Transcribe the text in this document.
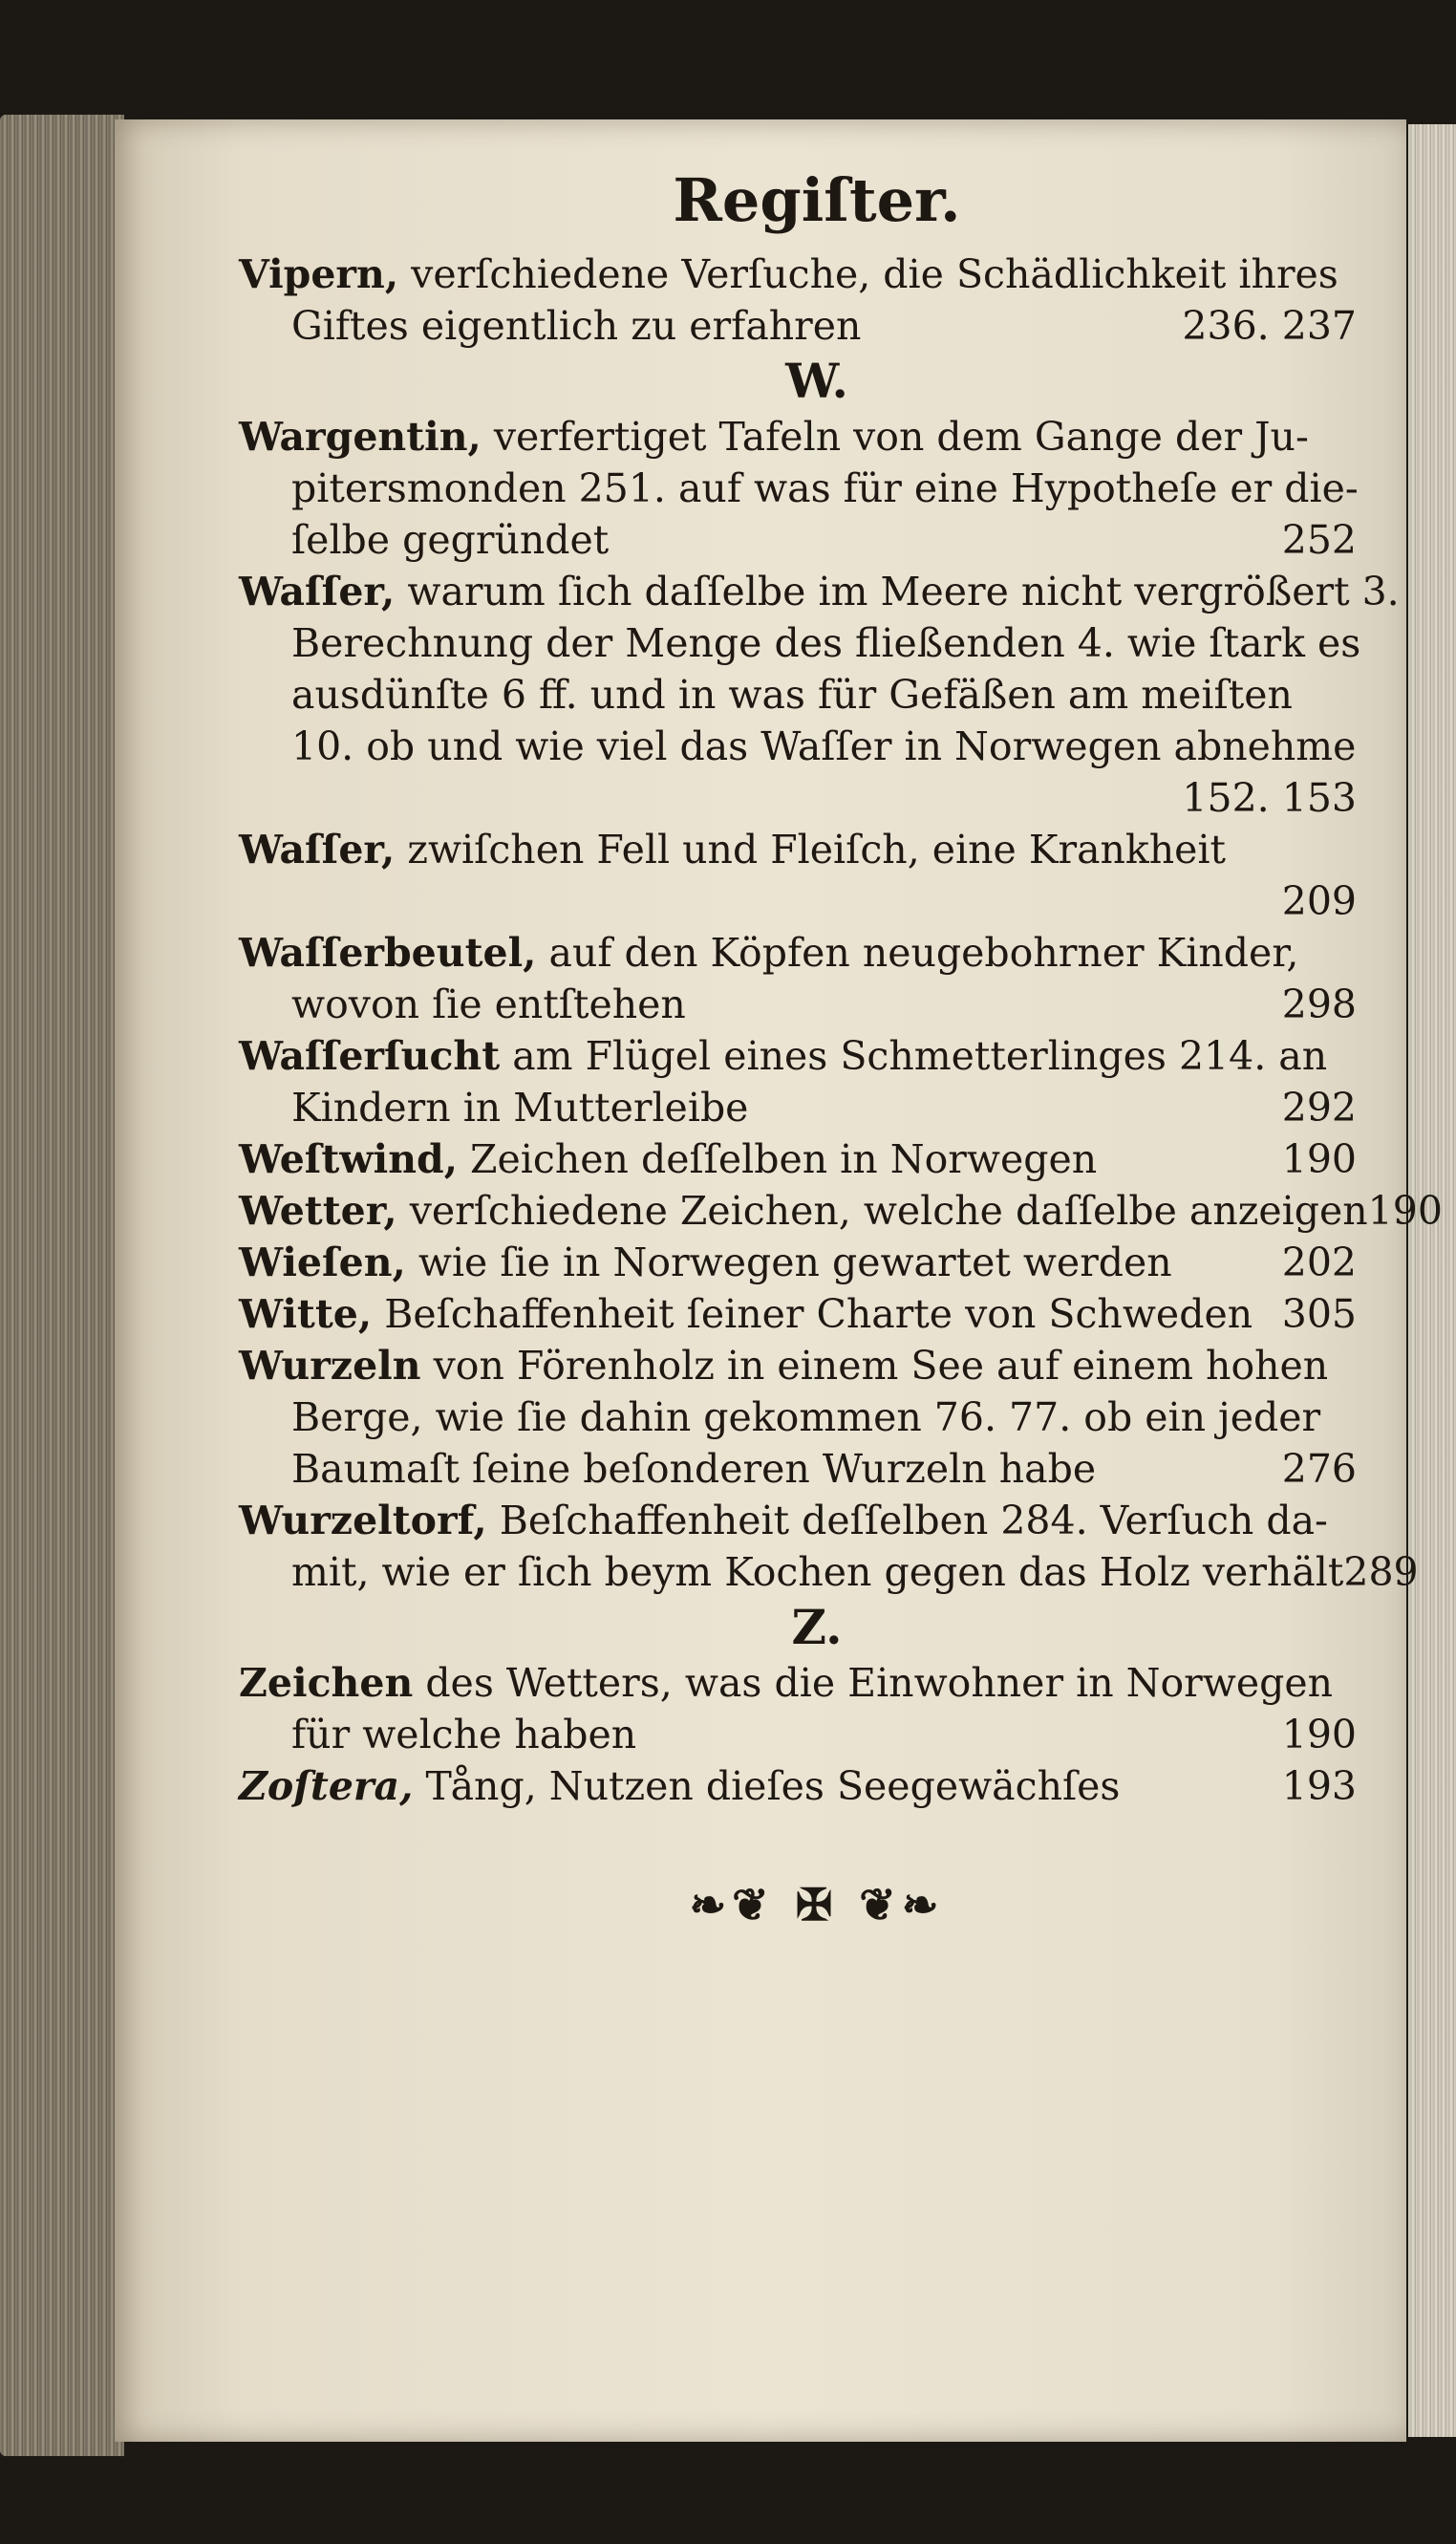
Regiſter.
Vipern, verſchiedene Verſuche, die Schädlichkeit ihres
Giftes eigentlich zu erfahren	236. 237
W.
Wargentin, verfertiget Tafeln von dem Gange der Ju-
pitersmonden 251. auf was für eine Hypotheſe er die-
ſelbe gegründet	252
Waſſer, warum ſich daſſelbe im Meere nicht vergrößert 3.
Berechnung der Menge des fließenden 4. wie ſtark es
ausdünſte 6 ff. und in was für Gefäßen am meiſten
10. ob und wie viel das Waſſer in Norwegen abnehme
152. 153
Waſſer, zwiſchen Fell und Fleiſch, eine Krankheit
209
Waſſerbeutel, auf den Köpfen neugebohrner Kinder,
wovon ſie entſtehen	298
Waſſerſucht am Flügel eines Schmetterlinges 214. an
Kindern in Mutterleibe	292
Weſtwind, Zeichen deſſelben in Norwegen	190
Wetter, verſchiedene Zeichen, welche daſſelbe anzeigen 190
Wieſen, wie ſie in Norwegen gewartet werden	202
Witte, Beſchaffenheit ſeiner Charte von Schweden 305
Wurzeln von Förenholz in einem See auf einem hohen
Berge, wie ſie dahin gekommen 76. 77. ob ein jeder
Baumaſt ſeine beſonderen Wurzeln habe	276
Wurzeltorf, Beſchaffenheit deſſelben 284. Verſuch da-
mit, wie er ſich beym Kochen gegen das Holz verhält 289
Z.
Zeichen des Wetters, was die Einwohner in Norwegen
für welche haben	190
Zoſtera, Tång, Nutzen dieſes Seegewächſes	193
❧❦ ✠ ❦❧
